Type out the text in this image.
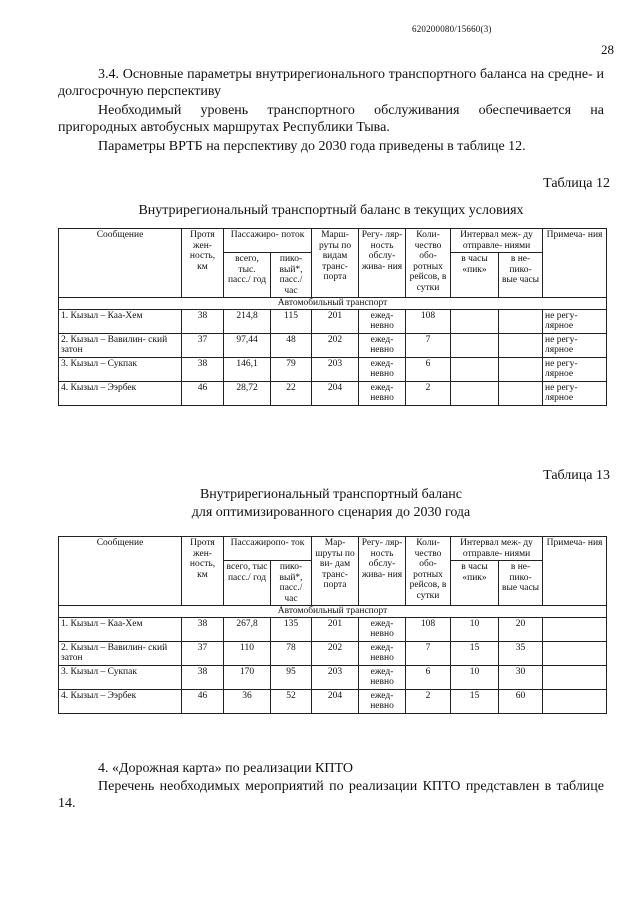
620200080/15660(3)
28

3.4. Основные параметры внутрирегионального транспортного баланса на средне- и долгосрочную перспективу

Необходимый уровень транспортного обслуживания обеспечивается на пригородных автобусных маршрутах Республики Тыва.

Параметры ВРТБ на перспективу до 2030 года приведены в таблице 12.

Таблица 12
Внутрирегиональный транспортный баланс в текущих условиях
Сообщение	Протя жен- ность, км	Пассажиро- поток		Марш- руты по видам транс- порта	Регу- ляр- ность обслу- жива- ния	Коли- чество обо- ротных рейсов, в сутки	Интервал меж- ду отправле- ниями		Примеча- ния
		всего, тыс. пасс./ год	пико- вый*, пасс./ час				в часы «пик»	в не- пико- вые часы	
Автомобильный транспорт									
1. Кызыл – Каа-Хем	38	214,8	115	201	ежед- невно	108			не регу- лярное
2. Кызыл – Вавилин- ский затон	37	97,44	48	202	ежед- невно	7			не регу- лярное
3. Кызыл – Сукпак	38	146,1	79	203	ежед- невно	6			не регу- лярное
4. Кызыл – Ээрбек	46	28,72	22	204	ежед- невно	2			не регу- лярное
Таблица 13
Внутрирегиональный транспортный баланс
для оптимизированного сценария до 2030 года
Сообщение	Протя жен- ность, км	Пассажиропо- ток		Мар- шруты по ви- дам транс- порта	Регу- ляр- ность обслу- жива- ния	Коли- чество обо- ротных рейсов, в сутки	Интервал меж- ду отправле- ниями		Примеча- ния
		всего, тыс пасс./ год	пико- вый*, пасс./ час				в часы «пик»	в не- пико- вые часы	
Автомобильный транспорт									
1. Кызыл – Каа-Хем	38	267,8	135	201	ежед- невно	108	10	20	
2. Кызыл – Вавилин- ский затон	37	110	78	202	ежед- невно	7	15	35	
3. Кызыл – Сукпак	38	170	95	203	ежед- невно	6	10	30	
4. Кызыл – Ээрбек	46	36	52	204	ежед- невно	2	15	60	

4. «Дорожная карта» по реализации КПТО

Перечень необходимых мероприятий по реализации КПТО представлен в таблице 14.
